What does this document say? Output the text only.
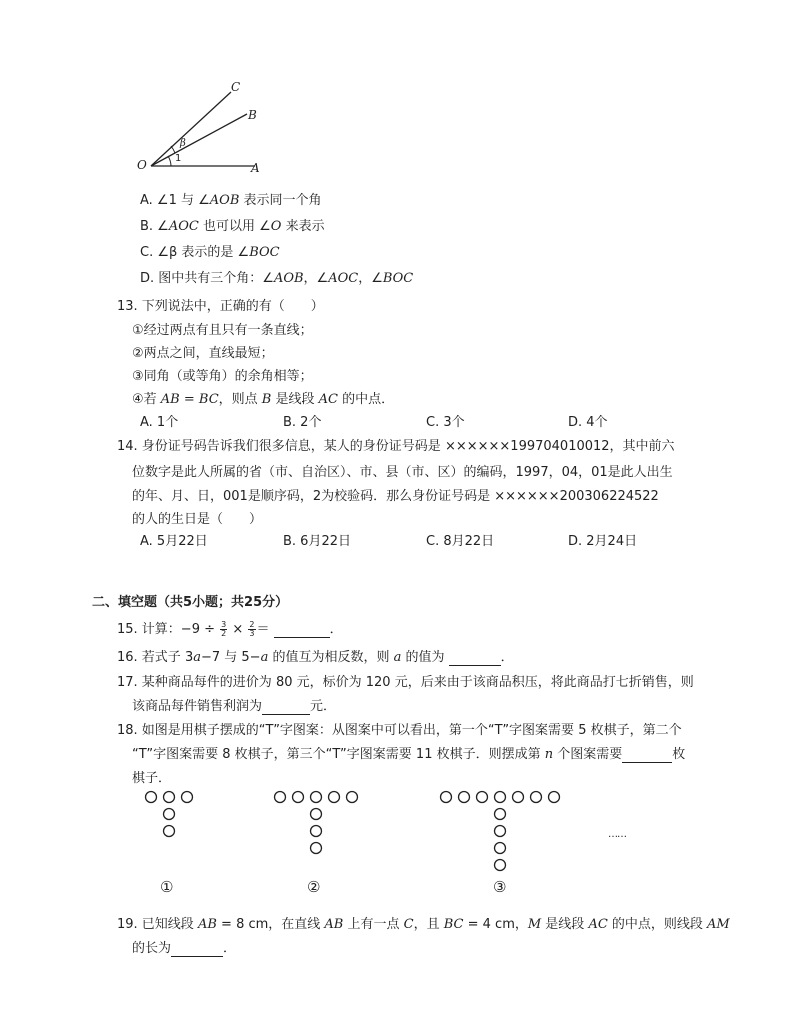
C
B
O	A
β
1
A. ∠1 与 ∠AOB 表示同一个角
B. ∠AOC 也可以用 ∠O 来表示
C. ∠β 表示的是 ∠BOC
D. 图中共有三个角：∠AOB，∠AOC，∠BOC
13. 下列说法中，正确的有（　　）
①经过两点有且只有一条直线；
②两点之间，直线最短；
③同角（或等角）的余角相等；
④若 AB = BC，则点 B 是线段 AC 的中点．
A. 1个	B. 2个	C. 3个	D. 4个
14. 身份证号码告诉我们很多信息，某人的身份证号码是 ××××××199704010012，其中前六
位数字是此人所属的省（市、自治区）、市、县（市、区）的编码，1997，04，01是此人出生
的年、月、日，001是顺序码，2为校验码．那么身份证号码是 ××××××200306224522
的人的生日是（　　）
A. 5月22日	B. 6月22日	C. 8月22日	D. 2月24日
二、填空题（共5小题；共25分）
15. 计算：$-9 \div \frac{3}{2} \times \frac{2}{3}$ ＝	．
16. 若式子 3a−7 与 5−a 的值互为相反数，则 a 的值为	．
17. 某种商品每件的进价为 80 元，标价为 120 元，后来由于该商品积压，将此商品打七折销售，则
该商品每件销售利润为	元．
18. 如图是用棋子摆成的“T”字图案：从图案中可以看出，第一个“T”字图案需要 5 枚棋子，第二个
“T”字图案需要 8 枚棋子，第三个“T”字图案需要 11 枚棋子．则摆成第 n 个图案需要	枚
棋子．
……
①	②	③
19. 已知线段 AB = 8 cm，在直线 AB 上有一点 C，且 BC = 4 cm，M 是线段 AC 的中点，则线段 AM
的长为	．
